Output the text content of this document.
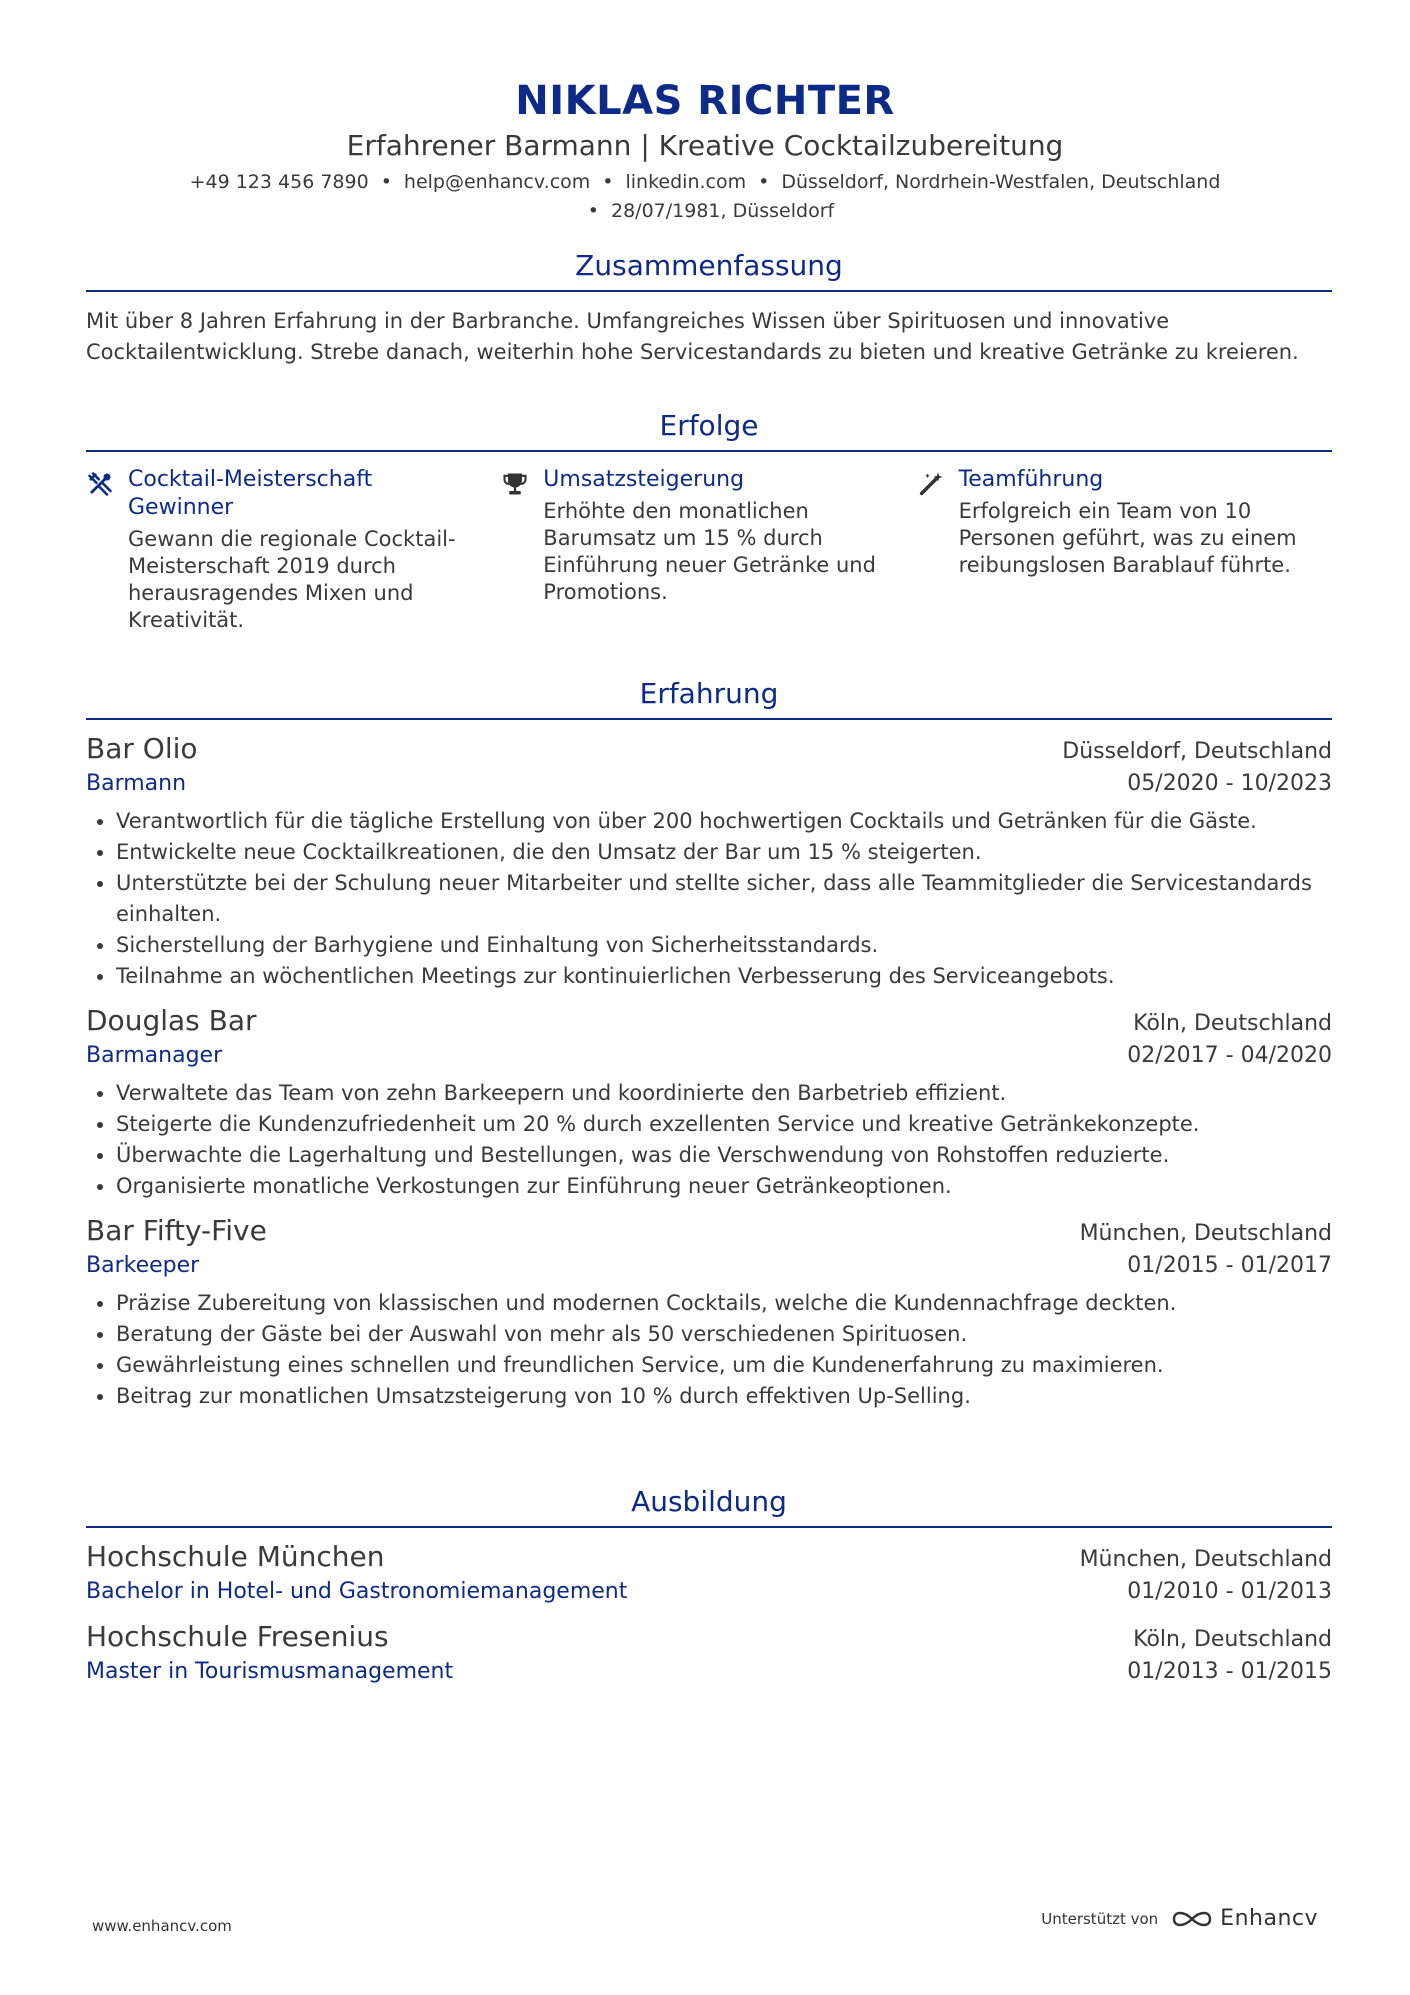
NIKLAS RICHTER
Erfahrener Barmann | Kreative Cocktailzubereitung
+49 123 456 7890 • help@enhancv.com • linkedin.com • Düsseldorf, Nordrhein-Westfalen, Deutschland
• 28/07/1981, Düsseldorf
Zusammenfassung
Mit über 8 Jahren Erfahrung in der Barbranche. Umfangreiches Wissen über Spirituosen und innovative Cocktailentwicklung. Strebe danach, weiterhin hohe Servicestandards zu bieten und kreative Getränke zu kreieren.
Erfolge
Cocktail-Meisterschaft Gewinner
Gewann die regionale Cocktail-Meisterschaft 2019 durch herausragendes Mixen und Kreativität.
Umsatzsteigerung
Erhöhte den monatlichen Barumsatz um 15 % durch Einführung neuer Getränke und Promotions.
Teamführung
Erfolgreich ein Team von 10 Personen geführt, was zu einem reibungslosen Barablauf führte.
Erfahrung
Bar Olio	Düsseldorf, Deutschland
Barmann	05/2020 - 10/2023
• Verantwortlich für die tägliche Erstellung von über 200 hochwertigen Cocktails und Getränken für die Gäste.
• Entwickelte neue Cocktailkreationen, die den Umsatz der Bar um 15 % steigerten.
• Unterstützte bei der Schulung neuer Mitarbeiter und stellte sicher, dass alle Teammitglieder die Servicestandards einhalten.
• Sicherstellung der Barhygiene und Einhaltung von Sicherheitsstandards.
• Teilnahme an wöchentlichen Meetings zur kontinuierlichen Verbesserung des Serviceangebots.
Douglas Bar	Köln, Deutschland
Barmanager	02/2017 - 04/2020
• Verwaltete das Team von zehn Barkeepern und koordinierte den Barbetrieb effizient.
• Steigerte die Kundenzufriedenheit um 20 % durch exzellenten Service und kreative Getränkekonzepte.
• Überwachte die Lagerhaltung und Bestellungen, was die Verschwendung von Rohstoffen reduzierte.
• Organisierte monatliche Verkostungen zur Einführung neuer Getränkeoptionen.
Bar Fifty-Five	München, Deutschland
Barkeeper	01/2015 - 01/2017
• Präzise Zubereitung von klassischen und modernen Cocktails, welche die Kundennachfrage deckten.
• Beratung der Gäste bei der Auswahl von mehr als 50 verschiedenen Spirituosen.
• Gewährleistung eines schnellen und freundlichen Service, um die Kundenerfahrung zu maximieren.
• Beitrag zur monatlichen Umsatzsteigerung von 10 % durch effektiven Up-Selling.
Ausbildung
Hochschule München	München, Deutschland
Bachelor in Hotel- und Gastronomiemanagement	01/2010 - 01/2013
Hochschule Fresenius	Köln, Deutschland
Master in Tourismusmanagement	01/2013 - 01/2015
www.enhancv.com	Unterstützt von	Enhancv
